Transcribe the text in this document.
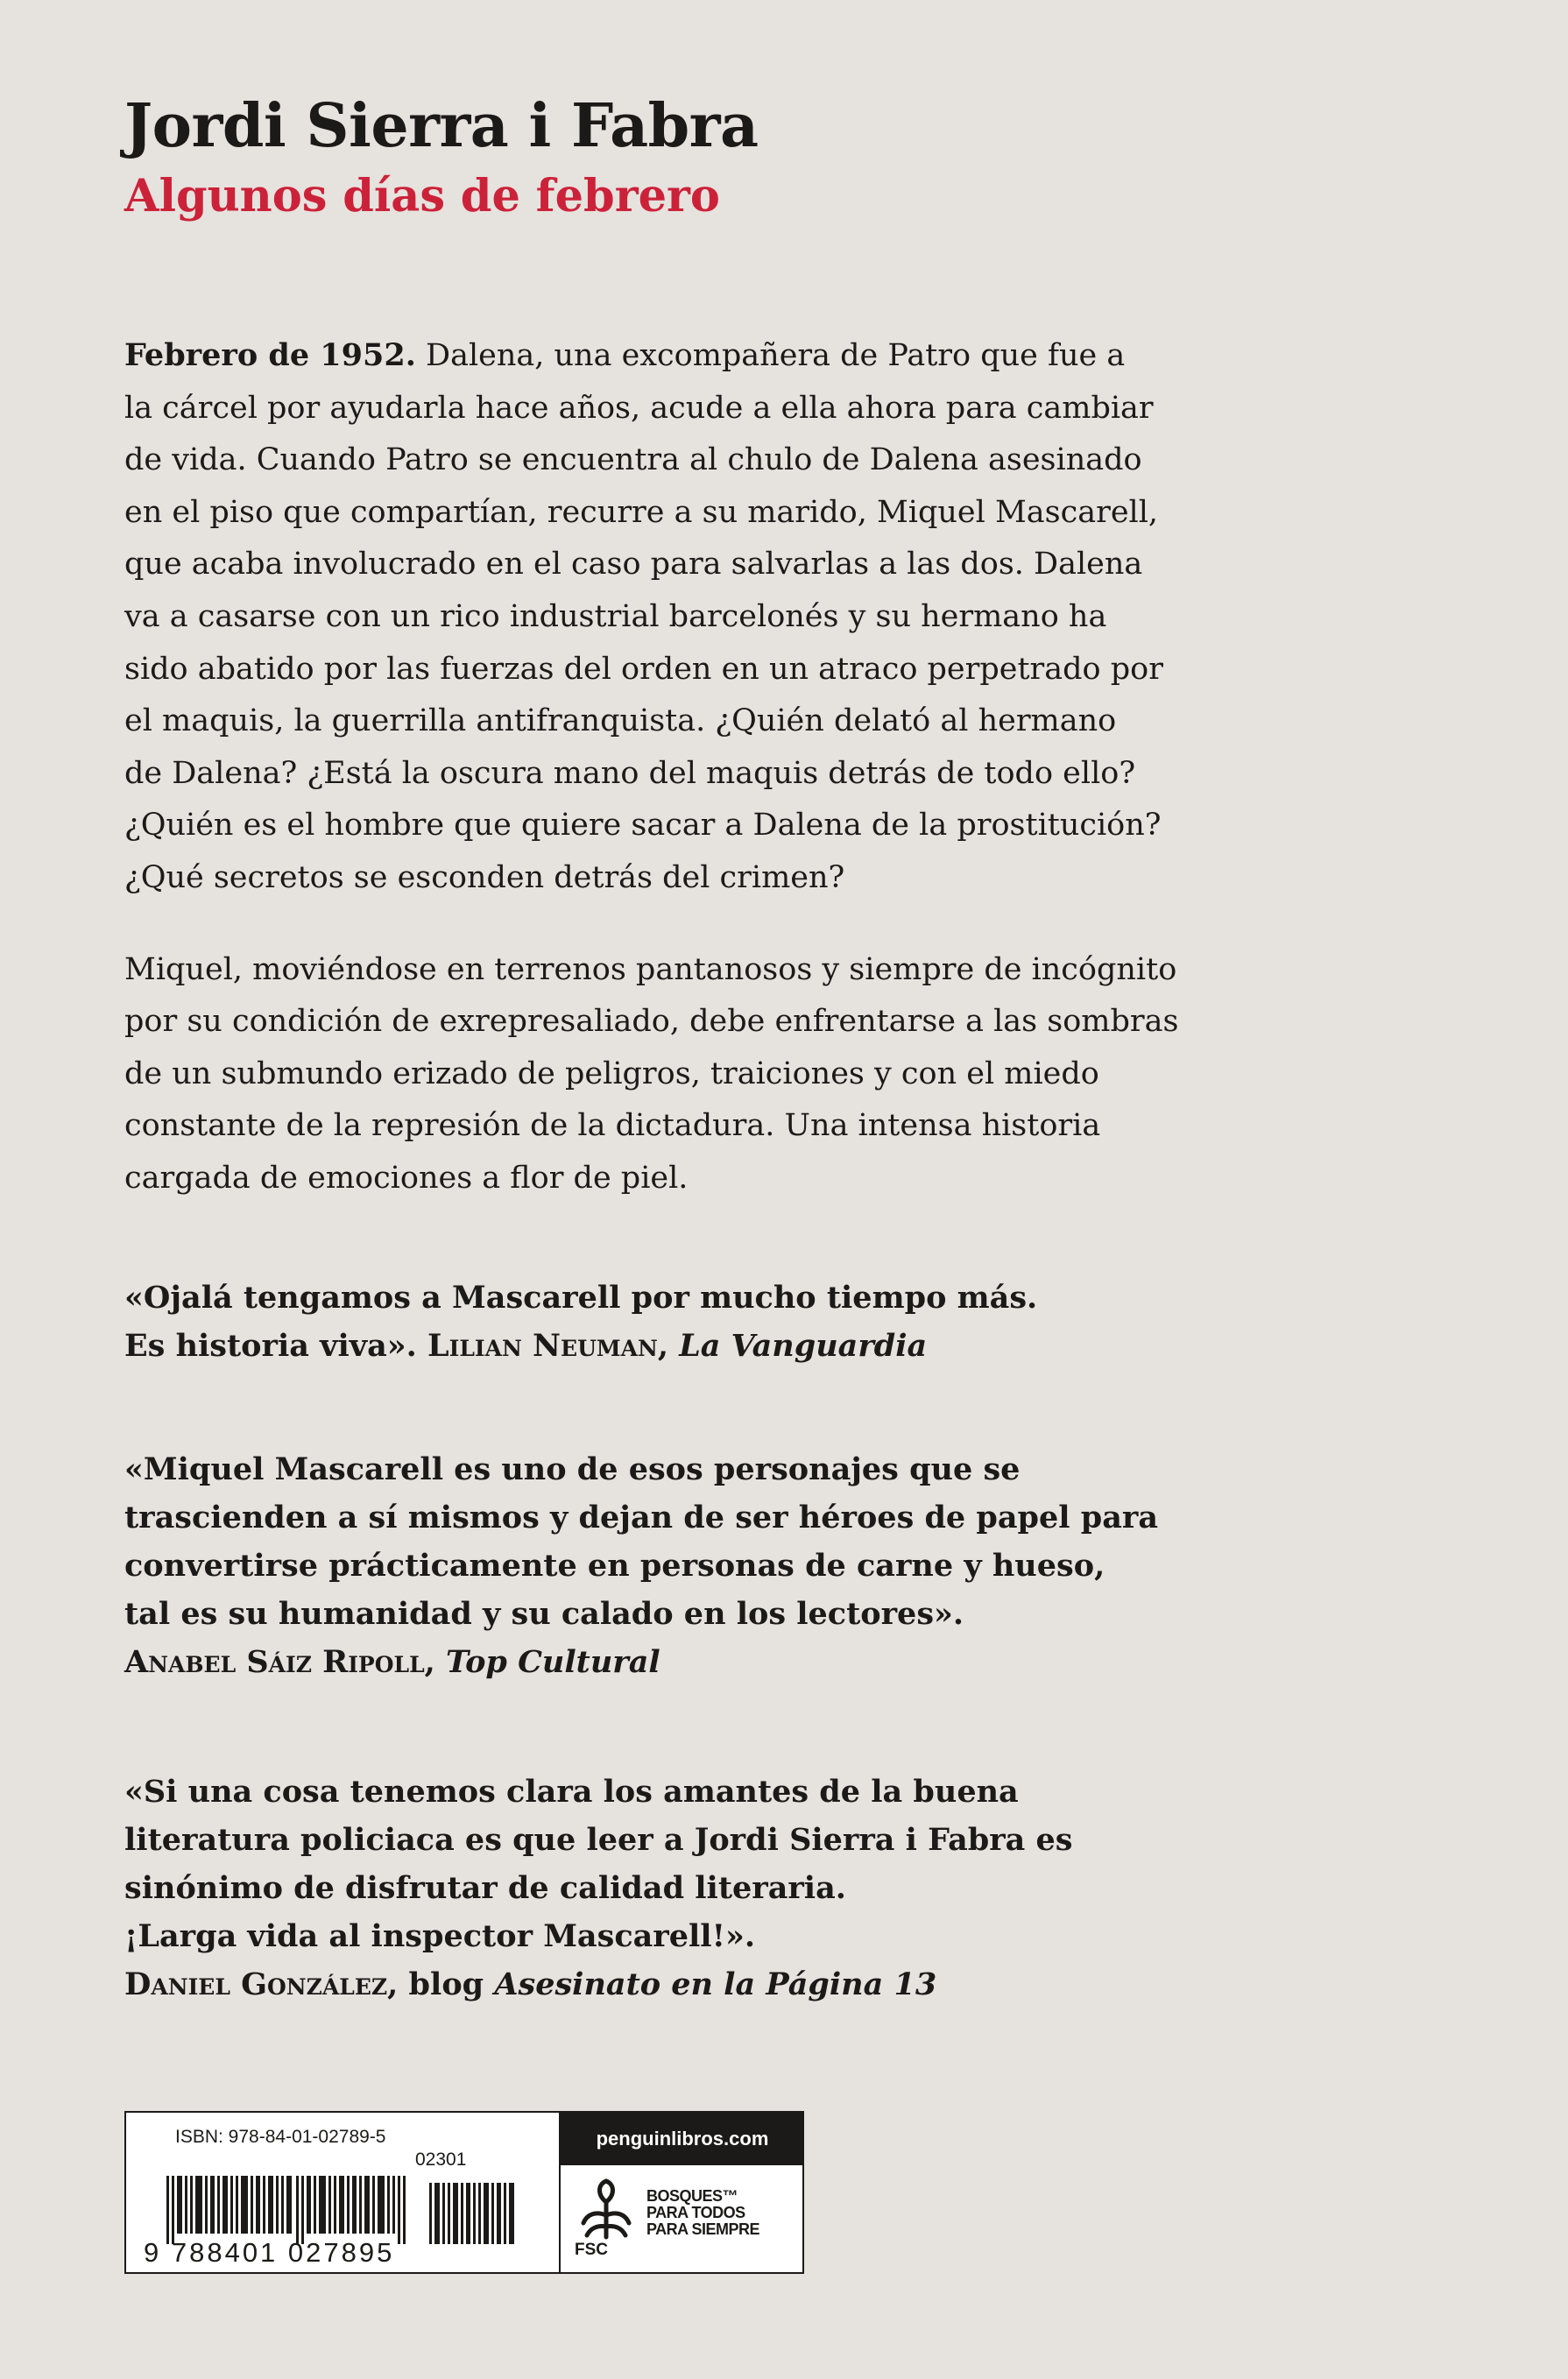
Jordi Sierra i Fabra
Algunos días de febrero

Febrero de 1952. Dalena, una excompañera de Patro que fue a

la cárcel por ayudarla hace años, acude a ella ahora para cambiar

de vida. Cuando Patro se encuentra al chulo de Dalena asesinado

en el piso que compartían, recurre a su marido, Miquel Mascarell,

que acaba involucrado en el caso para salvarlas a las dos. Dalena

va a casarse con un rico industrial barcelonés y su hermano ha

sido abatido por las fuerzas del orden en un atraco perpetrado por

el maquis, la guerrilla antifranquista. ¿Quién delató al hermano

de Dalena? ¿Está la oscura mano del maquis detrás de todo ello?

¿Quién es el hombre que quiere sacar a Dalena de la prostitución?

¿Qué secretos se esconden detrás del crimen?

Miquel, moviéndose en terrenos pantanosos y siempre de incógnito

por su condición de exrepresaliado, debe enfrentarse a las sombras

de un submundo erizado de peligros, traiciones y con el miedo

constante de la represión de la dictadura. Una intensa historia

cargada de emociones a flor de piel.

«Ojalá tengamos a Mascarell por mucho tiempo más.

Es historia viva». Lilian Neuman, La Vanguardia

«Miquel Mascarell es uno de esos personajes que se

trascienden a sí mismos y dejan de ser héroes de papel para

convertirse prácticamente en personas de carne y hueso,

tal es su humanidad y su calado en los lectores».

Anabel Sáiz Ripoll, Top Cultural

«Si una cosa tenemos clara los amantes de la buena

literatura policiaca es que leer a Jordi Sierra i Fabra es

sinónimo de disfrutar de calidad literaria.

¡Larga vida al inspector Mascarell!».

Daniel González, blog Asesinato en la Página 13

ISBN: 978-84-01-02789-5
02301
9 788401 027895
penguinlibros.com
FSC
BOSQUES™
PARA TODOS
PARA SIEMPRE
